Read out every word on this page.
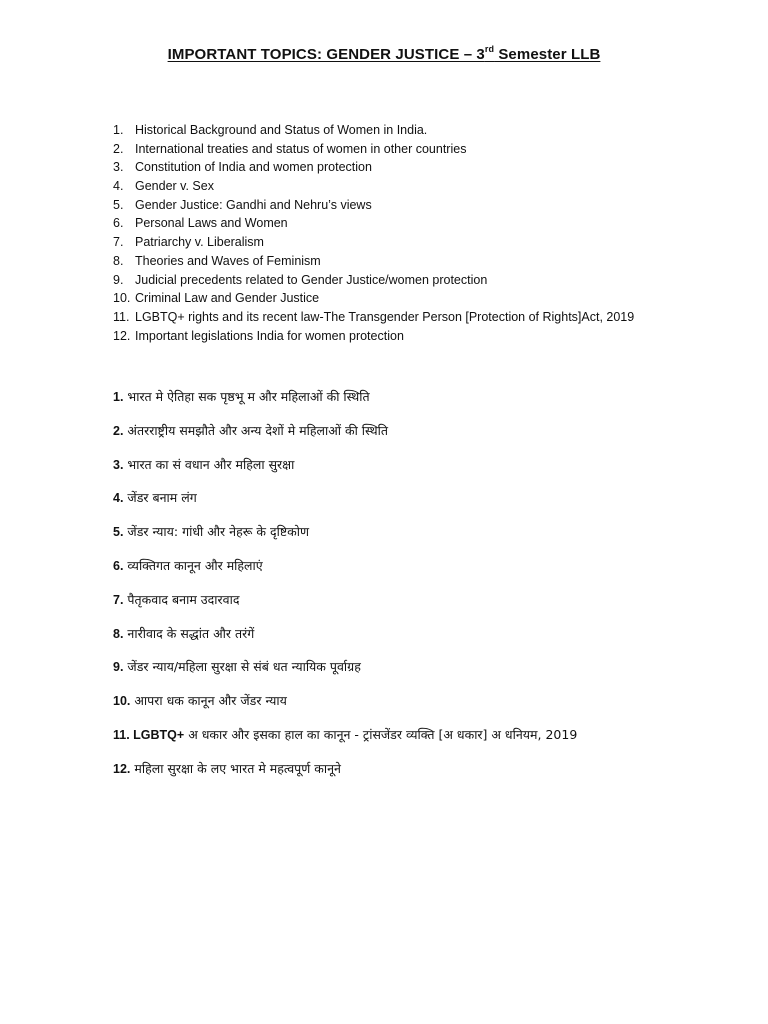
IMPORTANT TOPICS: GENDER JUSTICE – 3rd Semester LLB
1. Historical Background and Status of Women in India.
2. International treaties and status of women in other countries
3. Constitution of India and women protection
4. Gender v. Sex
5. Gender Justice: Gandhi and Nehru’s views
6. Personal Laws and Women
7. Patriarchy v. Liberalism
8. Theories and Waves of Feminism
9. Judicial precedents related to Gender Justice/women protection
10. Criminal Law and Gender Justice
11. LGBTQ+ rights and its recent law-The Transgender Person [Protection of Rights]Act, 2019
12. Important legislations India for women protection
1. भारत मे ऐतिहा सक पृष्ठभू म और महिलाओं की स्थिति
2. अंतरराष्ट्रीय समझौते और अन्य देशों मे महिलाओं की स्थिति
3. भारत का सं वधान और महिला सुरक्षा
4. जेंडर बनाम लंग
5. जेंडर न्याय: गांधी और नेहरू के दृष्टिकोण
6. व्यक्तिगत कानून और महिलाएं
7. पैतृकवाद बनाम उदारवाद
8. नारीवाद के सद्धांत और तरंगें
9. जेंडर न्याय/महिला सुरक्षा से संबं धत न्यायिक पूर्वाग्रह
10. आपरा धक कानून और जेंडर न्याय
11. LGBTQ+ अ धकार और इसका हाल का कानून - ट्रांसजेंडर व्यक्ति [अ धकार] अ धनियम, 2019
12. महिला सुरक्षा के लए भारत मे महत्वपूर्ण कानूने
